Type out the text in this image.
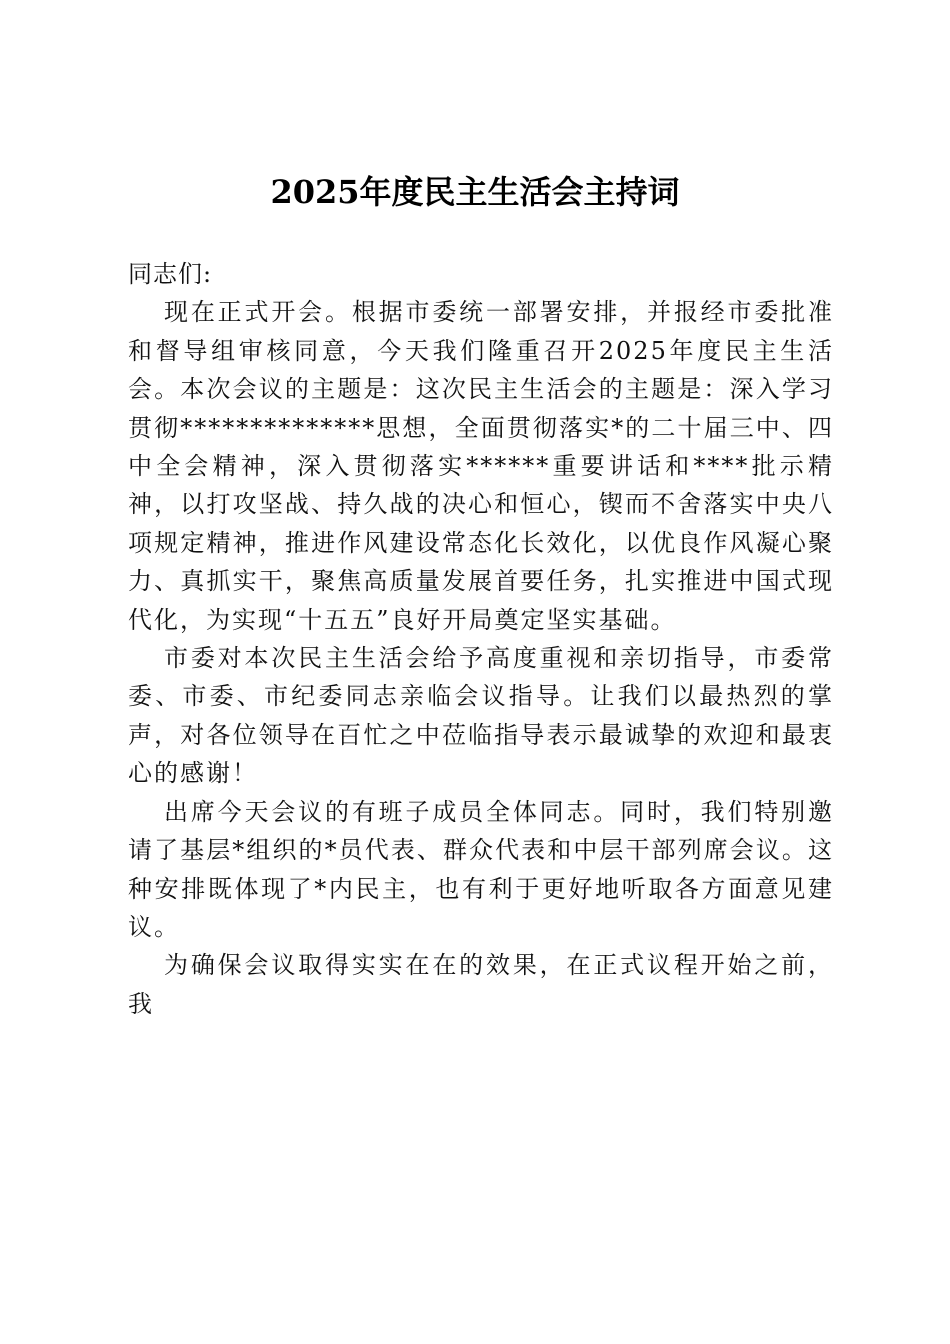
2025年度民主生活会主持词

同志们:

现在正式开会。根据市委统一部署安排，并报经市委批准和督导组审核同意，今天我们隆重召开2025年度民主生活会。本次会议的主题是：这次民主生活会的主题是：深入学习贯彻**************思想，全面贯彻落实*的二十届三中、四中全会精神，深入贯彻落实******重要讲话和****批示精神，以打攻坚战、持久战的决心和恒心，锲而不舍落实中央八项规定精神，推进作风建设常态化长效化，以优良作风凝心聚力、真抓实干，聚焦高质量发展首要任务，扎实推进中国式现代化，为实现“十五五”良好开局奠定坚实基础。

市委对本次民主生活会给予高度重视和亲切指导，市委常委、市委、市纪委同志亲临会议指导。让我们以最热烈的掌声，对各位领导在百忙之中莅临指导表示最诚挚的欢迎和最衷心的感谢！

出席今天会议的有班子成员全体同志。同时，我们特别邀请了基层*组织的*员代表、群众代表和中层干部列席会议。这种安排既体现了*内民主，也有利于更好地听取各方面意见建议。

为确保会议取得实实在在的效果，在正式议程开始之前，我
